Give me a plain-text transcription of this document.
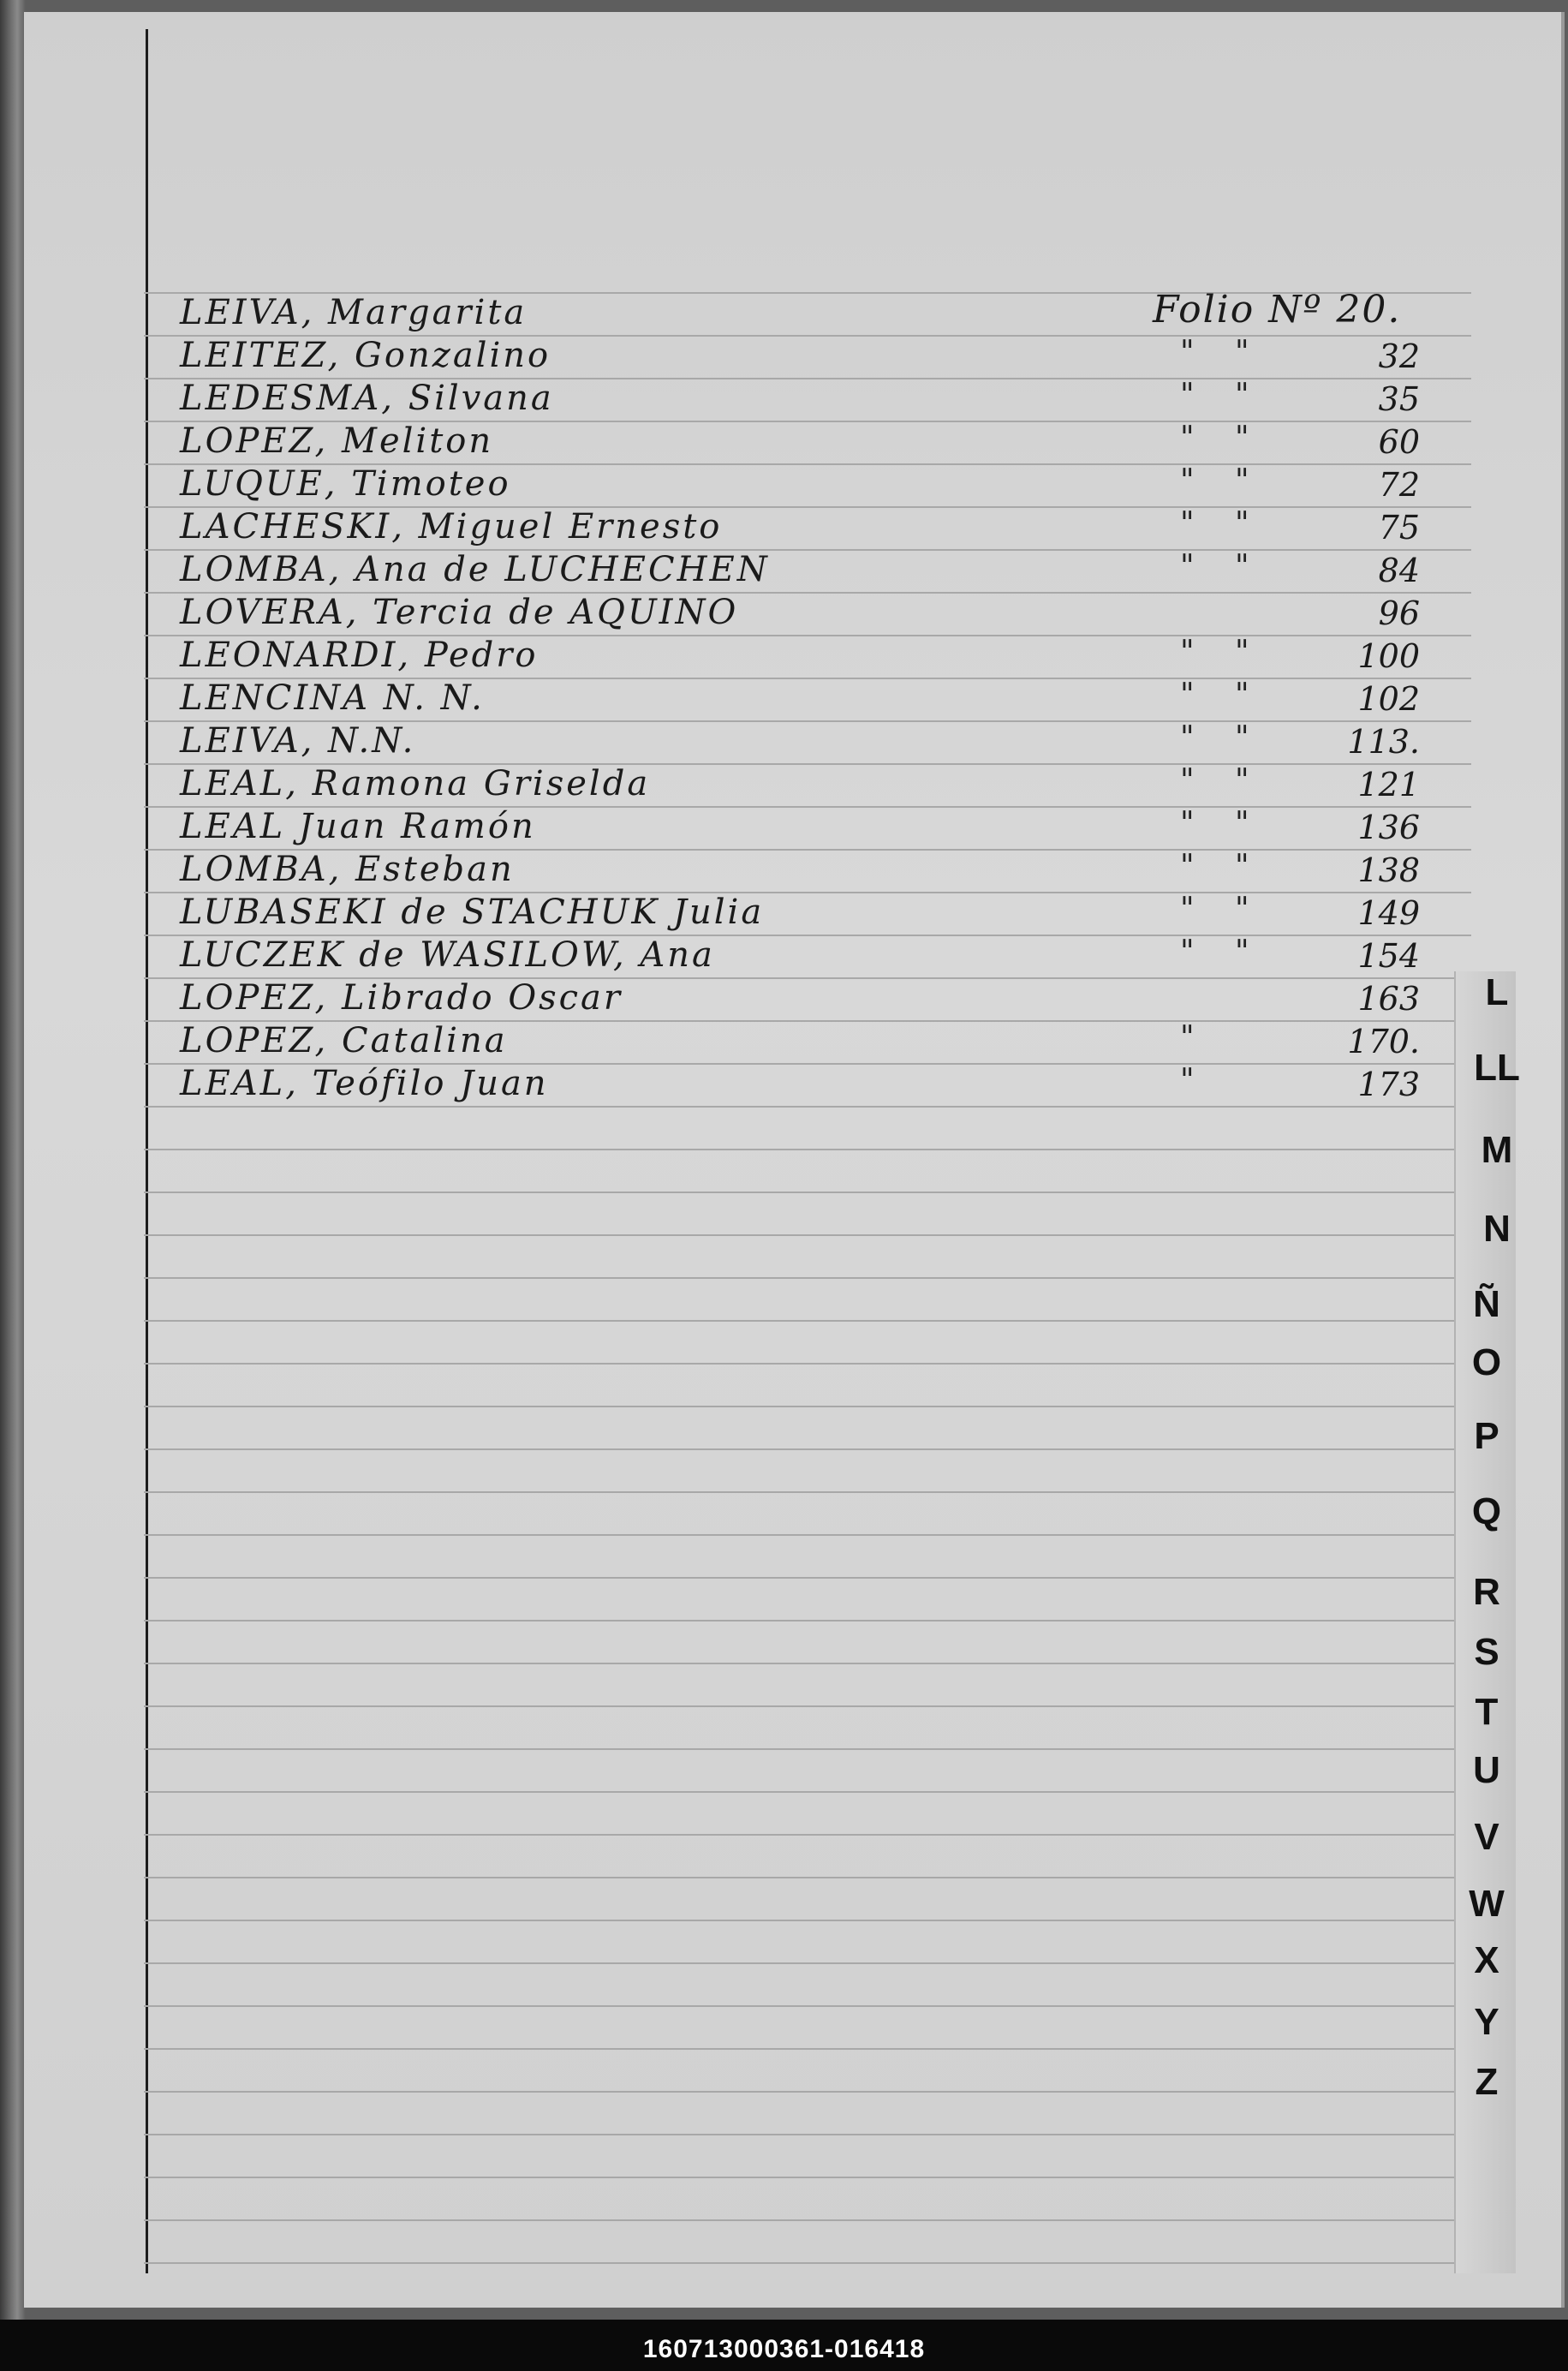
Folio Nº 20.
LEIVA, Margarita
LEITEZ, Gonzalino	" "	32
LEDESMA, Silvana	" "	35
LOPEZ, Meliton	" "	60
LUQUE, Timoteo	" "	72
LACHESKI, Miguel Ernesto	" "	75
LOMBA, Ana de LUCHECHEN	" "	84
LOVERA, Tercia de AQUINO	96
LEONARDI, Pedro	" "	100
LENCINA N. N.	" "	102
LEIVA, N.N.	" "	113.
LEAL, Ramona Griselda	" "	121
LEAL Juan Ramón	" "	136
LOMBA, Esteban	" "	138
LUBASEKI de STACHUK Julia	" "	149
LUCZEK de WASILOW, Ana	" "	154
LOPEZ, Librado Oscar	163
LOPEZ, Catalina	"	170.
LEAL, Teófilo Juan	"	173
L
LL
M
N
Ñ
O
P
Q
R
S
T
U
V
W
X
Y
Z
160713000361-016418
